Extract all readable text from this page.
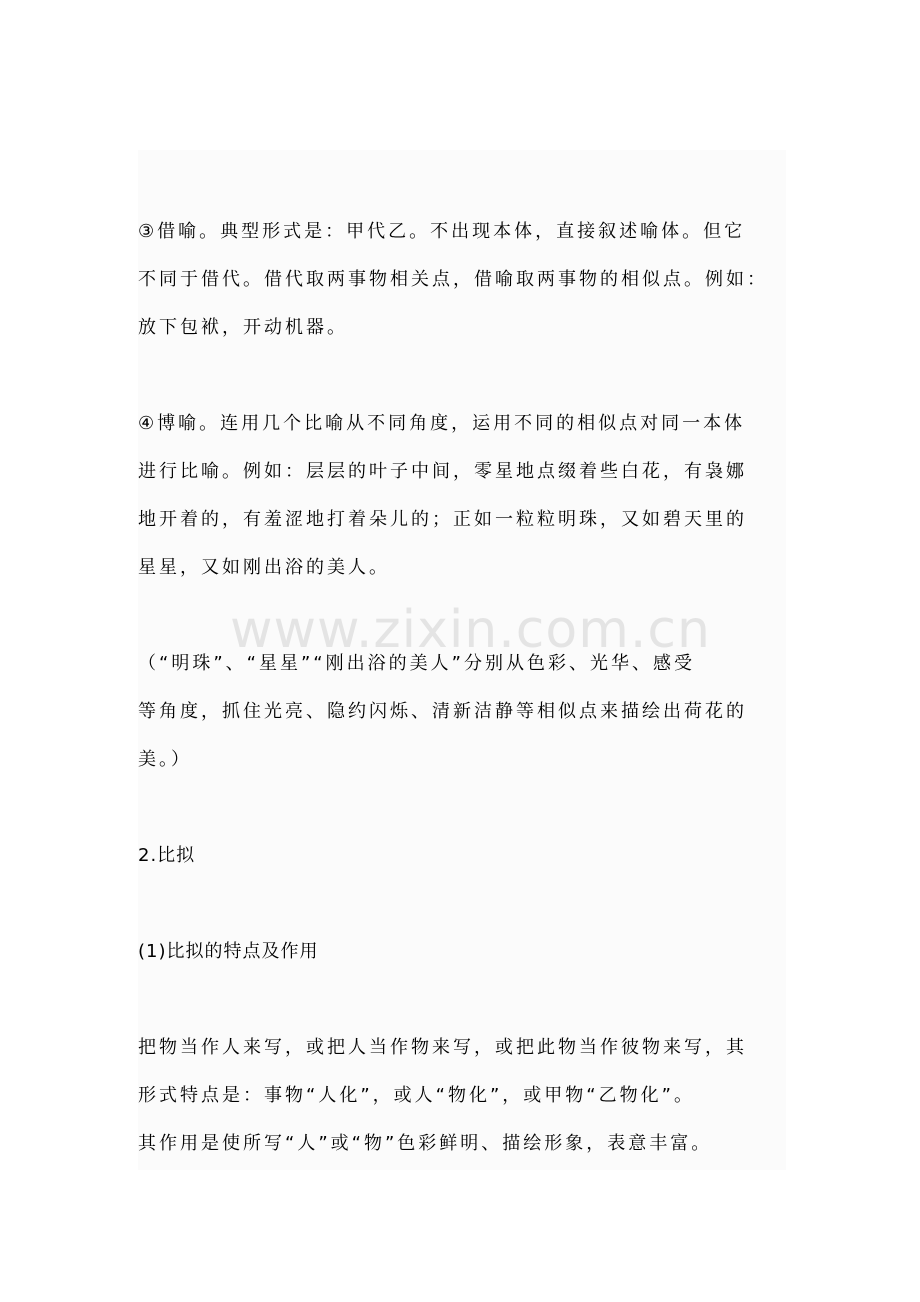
③借喻。典型形式是：甲代乙。不出现本体，直接叙述喻体。但它
不同于借代。借代取两事物相关点，借喻取两事物的相似点。例如：
放下包袱，开动机器。
④博喻。连用几个比喻从不同角度，运用不同的相似点对同一本体
进行比喻。例如：层层的叶子中间，零星地点缀着些白花，有袅娜
地开着的，有羞涩地打着朵儿的；正如一粒粒明珠，又如碧天里的
星星，又如刚出浴的美人。
（“明珠”、“星星”“刚出浴的美人”分别从色彩、光华、感受
等角度，抓住光亮、隐约闪烁、清新洁静等相似点来描绘出荷花的
美。）
2.比拟
(1)比拟的特点及作用
把物当作人来写，或把人当作物来写，或把此物当作彼物来写，其
形式特点是：事物“人化”，或人“物化”，或甲物“乙物化”。
其作用是使所写“人”或“物”色彩鲜明、描绘形象，表意丰富。
www.zixin.com.cn
